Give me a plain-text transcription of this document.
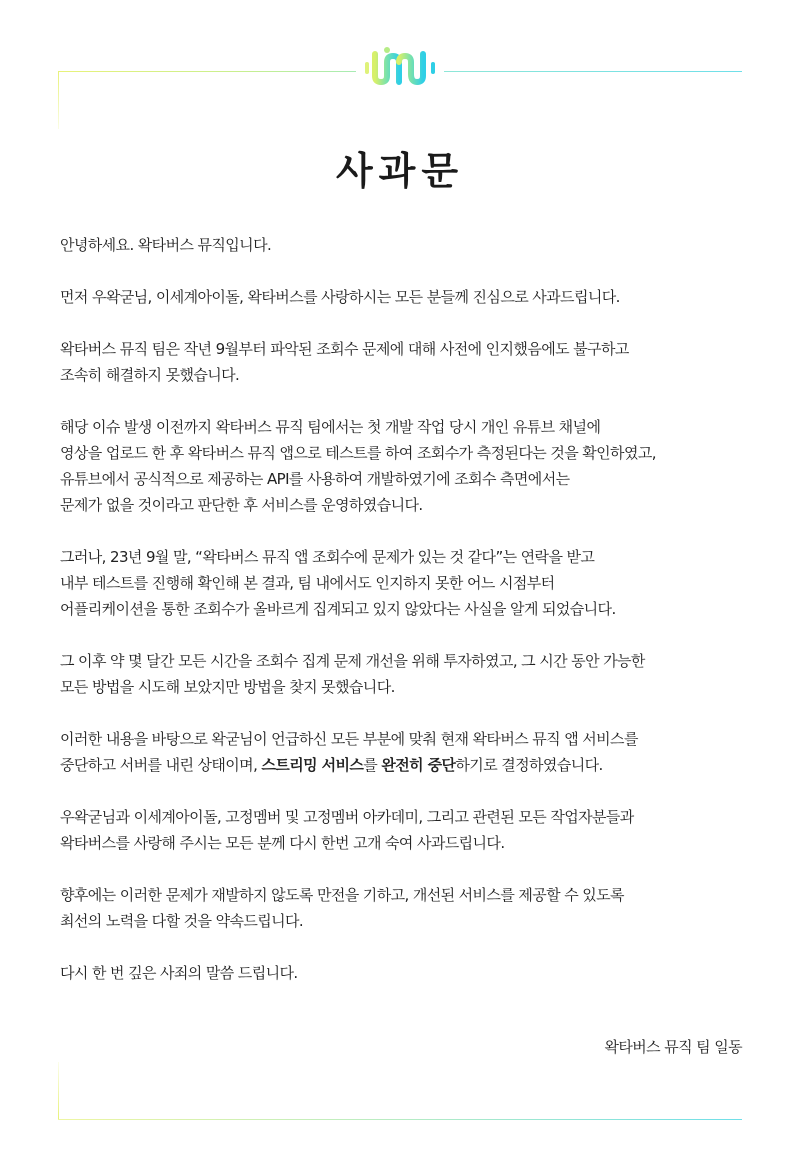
사과문

안녕하세요. 왁타버스 뮤직입니다.

먼저 우왁굳님, 이세계아이돌, 왁타버스를 사랑하시는 모든 분들께 진심으로 사과드립니다.

왁타버스 뮤직 팀은 작년 9월부터 파악된 조회수 문제에 대해 사전에 인지했음에도 불구하고
조속히 해결하지 못했습니다.

해당 이슈 발생 이전까지 왁타버스 뮤직 팀에서는 첫 개발 작업 당시 개인 유튜브 채널에
영상을 업로드 한 후 왁타버스 뮤직 앱으로 테스트를 하여 조회수가 측정된다는 것을 확인하였고,
유튜브에서 공식적으로 제공하는 API를 사용하여 개발하였기에 조회수 측면에서는
문제가 없을 것이라고 판단한 후 서비스를 운영하였습니다.

그러나, 23년 9월 말, “왁타버스 뮤직 앱 조회수에 문제가 있는 것 같다”는 연락을 받고
내부 테스트를 진행해 확인해 본 결과, 팀 내에서도 인지하지 못한 어느 시점부터
어플리케이션을 통한 조회수가 올바르게 집계되고 있지 않았다는 사실을 알게 되었습니다.

그 이후 약 몇 달간 모든 시간을 조회수 집계 문제 개선을 위해 투자하였고, 그 시간 동안 가능한
모든 방법을 시도해 보았지만 방법을 찾지 못했습니다.

이러한 내용을 바탕으로 왁굳님이 언급하신 모든 부분에 맞춰 현재 왁타버스 뮤직 앱 서비스를
중단하고 서버를 내린 상태이며, 스트리밍 서비스를 완전히 중단하기로 결정하였습니다.

우왁굳님과 이세계아이돌, 고정멤버 및 고정멤버 아카데미, 그리고 관련된 모든 작업자분들과
왁타버스를 사랑해 주시는 모든 분께 다시 한번 고개 숙여 사과드립니다.

향후에는 이러한 문제가 재발하지 않도록 만전을 기하고, 개선된 서비스를 제공할 수 있도록
최선의 노력을 다할 것을 약속드립니다.

다시 한 번 깊은 사죄의 말씀 드립니다.

왁타버스 뮤직 팀 일동
